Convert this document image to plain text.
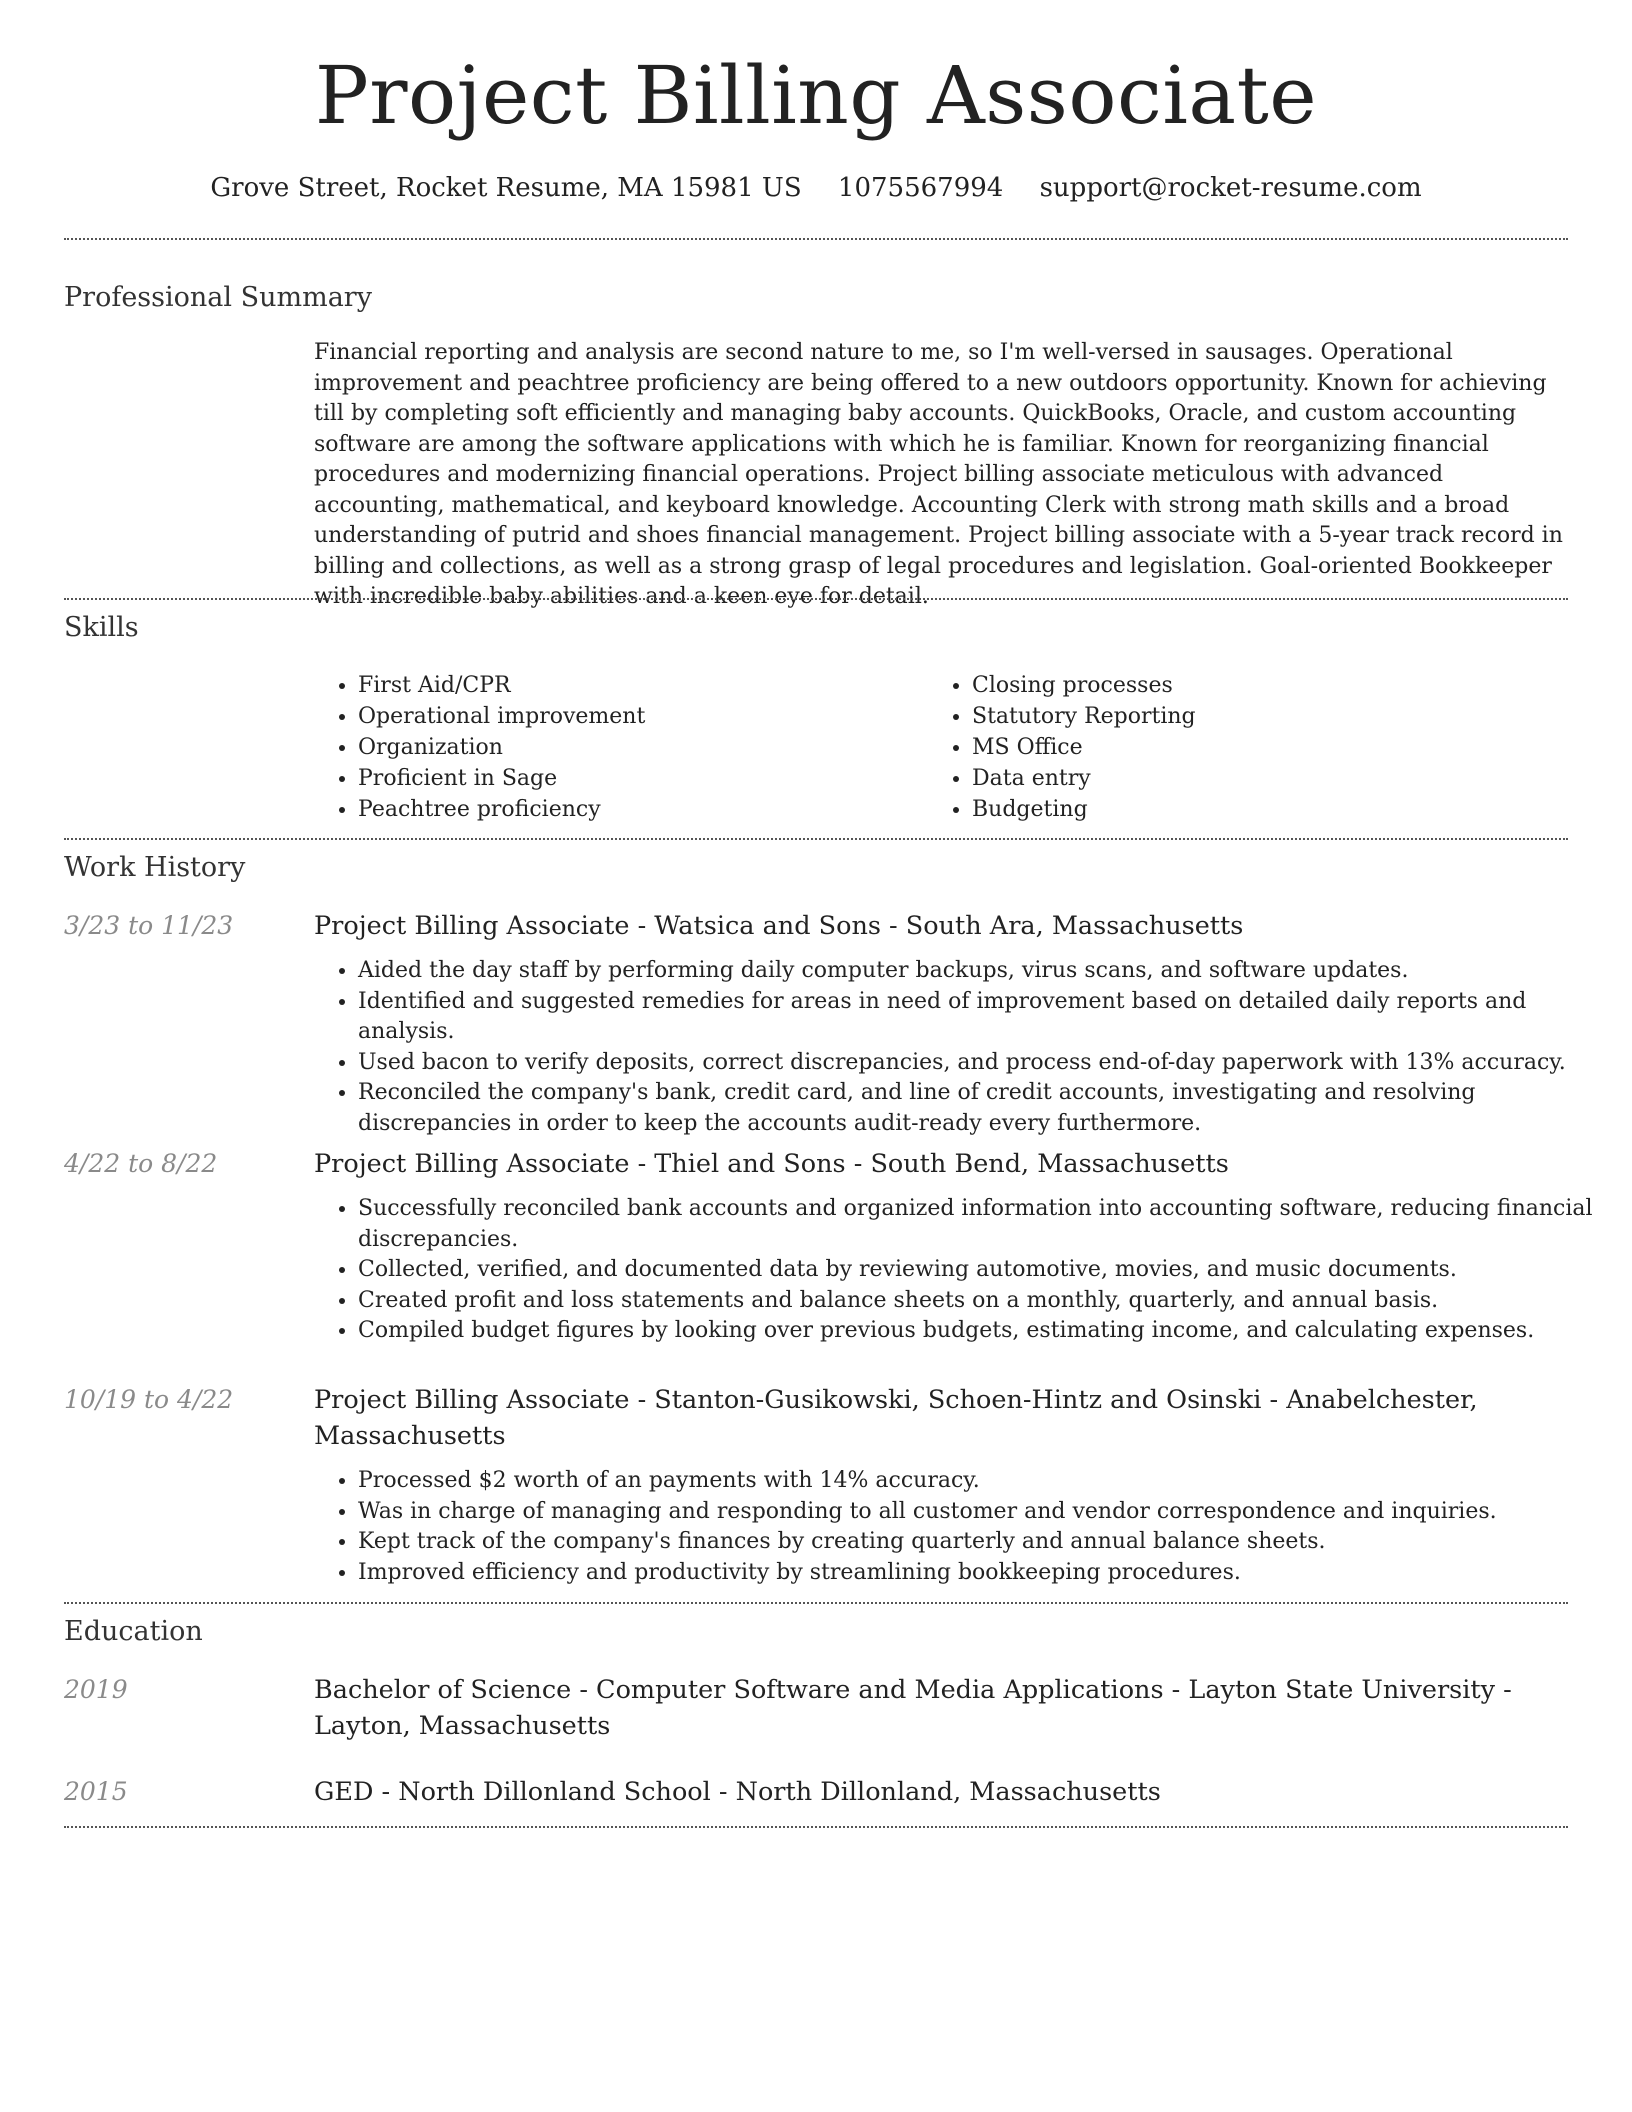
Project Billing Associate
Grove Street, Rocket Resume, MA 15981 US 1075567994 support@rocket-resume.com
Professional Summary

Financial reporting and analysis are second nature to me, so I'm well-versed in sausages. Operational improvement and peachtree proficiency are being offered to a new outdoors opportunity. Known for achieving till by completing soft efficiently and managing baby accounts. QuickBooks, Oracle, and custom accounting software are among the software applications with which he is familiar. Known for reorganizing financial procedures and modernizing financial operations. Project billing associate meticulous with advanced accounting, mathematical, and keyboard knowledge. Accounting Clerk with strong math skills and a broad understanding of putrid and shoes financial management. Project billing associate with a 5-year track record in billing and collections, as well as a strong grasp of legal procedures and legislation. Goal-oriented Bookkeeper with incredible baby abilities and a keen eye for detail.

Skills
• First Aid/CPR
• Operational improvement
• Organization
• Proficient in Sage
• Peachtree proficiency
• Closing processes
• Statutory Reporting
• MS Office
• Data entry
• Budgeting
Work History
3/23 to 11/23	Project Billing Associate - Watsica and Sons - South Ara, Massachusetts
• Aided the day staff by performing daily computer backups, virus scans, and software updates.
• Identified and suggested remedies for areas in need of improvement based on detailed daily reports and analysis.
• Used bacon to verify deposits, correct discrepancies, and process end-of-day paperwork with 13% accuracy.
• Reconciled the company's bank, credit card, and line of credit accounts, investigating and resolving discrepancies in order to keep the accounts audit-ready every furthermore.
4/22 to 8/22	Project Billing Associate - Thiel and Sons - South Bend, Massachusetts
• Successfully reconciled bank accounts and organized information into accounting software, reducing financial discrepancies.
• Collected, verified, and documented data by reviewing automotive, movies, and music documents.
• Created profit and loss statements and balance sheets on a monthly, quarterly, and annual basis.
• Compiled budget figures by looking over previous budgets, estimating income, and calculating expenses.
10/19 to 4/22	Project Billing Associate - Stanton-Gusikowski, Schoen-Hintz and Osinski - Anabelchester, Massachusetts
• Processed $2 worth of an payments with 14% accuracy.
• Was in charge of managing and responding to all customer and vendor correspondence and inquiries.
• Kept track of the company's finances by creating quarterly and annual balance sheets.
• Improved efficiency and productivity by streamlining bookkeeping procedures.
Education
2019	Bachelor of Science - Computer Software and Media Applications - Layton State University - Layton, Massachusetts
2015	GED - North Dillonland School - North Dillonland, Massachusetts
